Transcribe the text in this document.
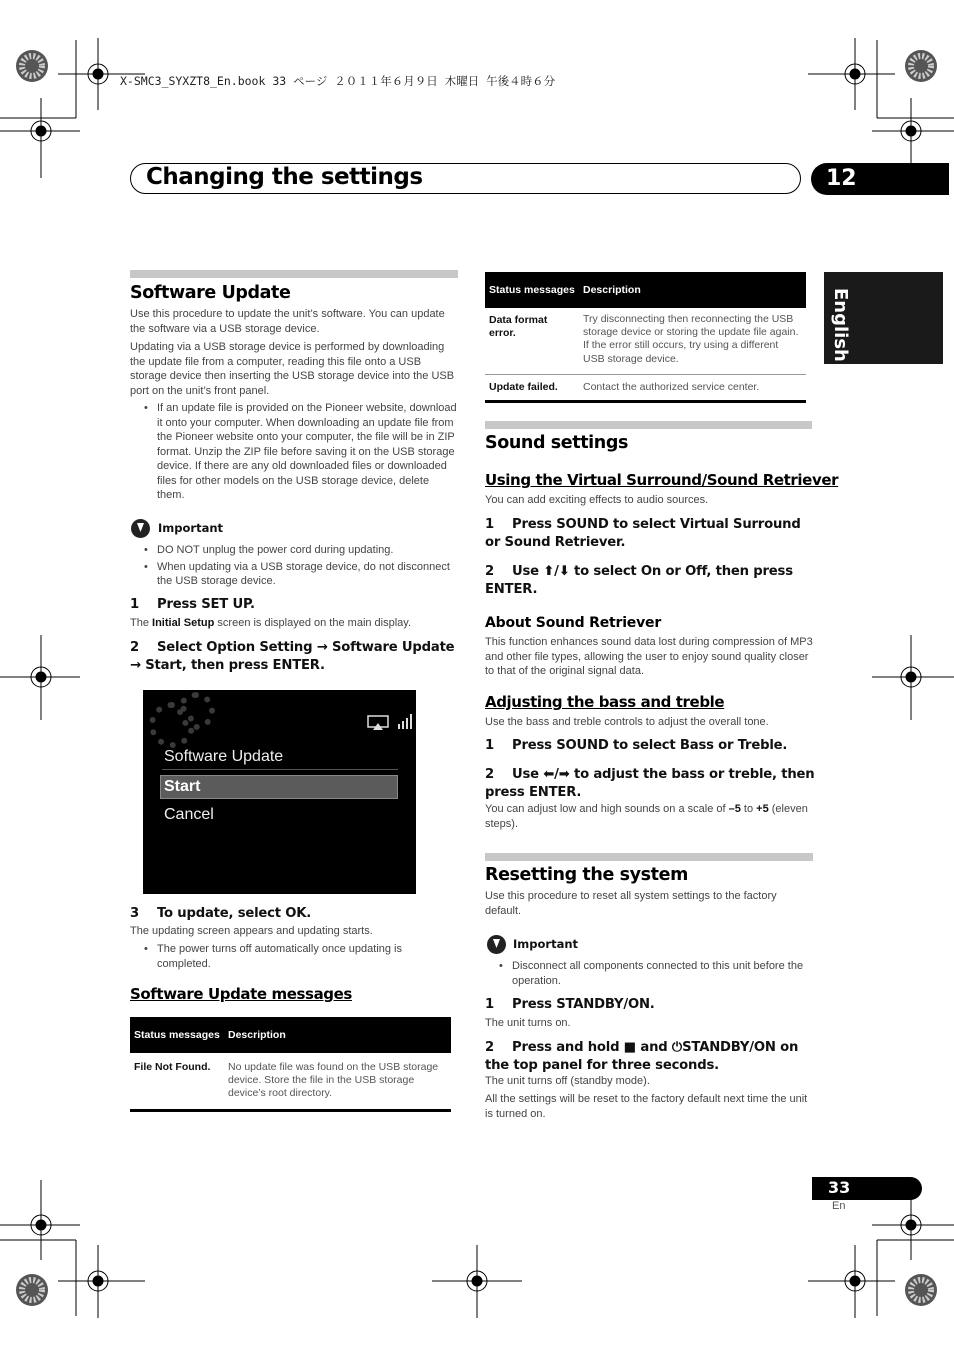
X-SMC3_SYXZT8_En.book 33 ページ ２０１１年６月９日 木曜日 午後４時６分
Changing the settings	12
English
Software Update
Use this procedure to update the unit’s software. You can update the software via a USB storage device.
Updating via a USB storage device is performed by downloading the update file from a computer, reading this file onto a USB storage device then inserting the USB storage device into the USB port on the unit’s front panel.
• If an update file is provided on the Pioneer website, download it onto your computer. When downloading an update file from the Pioneer website onto your computer, the file will be in ZIP format. Unzip the ZIP file before saving it on the USB storage device. If there are any old downloaded files or downloaded files for other models on the USB storage device, delete them.
Important
• DO NOT unplug the power cord during updating.
• When updating via a USB storage device, do not disconnect the USB storage device.
1 Press SET UP.
The Initial Setup screen is displayed on the main display.
2 Select Option Setting → Software Update → Start, then press ENTER.
Software Update
Start
Cancel
3 To update, select OK.
The updating screen appears and updating starts.
• The power turns off automatically once updating is completed.
Software Update messages
Status messages	Description
File Not Found.	No update file was found on the USB storage device. Store the file in the USB storage device’s root directory.
Status messages	Description
Data format error.	Try disconnecting then reconnecting the USB storage device or storing the update file again. If the error still occurs, try using a different USB storage device.
Update failed.	Contact the authorized service center.
Sound settings
Using the Virtual Surround/Sound Retriever
You can add exciting effects to audio sources.
1 Press SOUND to select Virtual Surround or Sound Retriever.
2 Use ⬆/⬇ to select On or Off, then press ENTER.
About Sound Retriever
This function enhances sound data lost during compression of MP3 and other file types, allowing the user to enjoy sound quality closer to that of the original signal data.
Adjusting the bass and treble
Use the bass and treble controls to adjust the overall tone.
1 Press SOUND to select Bass or Treble.
2 Use ⬅/➡ to adjust the bass or treble, then press ENTER.
You can adjust low and high sounds on a scale of –5 to +5 (eleven steps).
Resetting the system
Use this procedure to reset all system settings to the factory default.
Important
• Disconnect all components connected to this unit before the operation.
1 Press STANDBY/ON.
The unit turns on.
2 Press and hold ■ and ⏻STANDBY/ON on the top panel for three seconds.
The unit turns off (standby mode).
All the settings will be reset to the factory default next time the unit is turned on.
33
En
